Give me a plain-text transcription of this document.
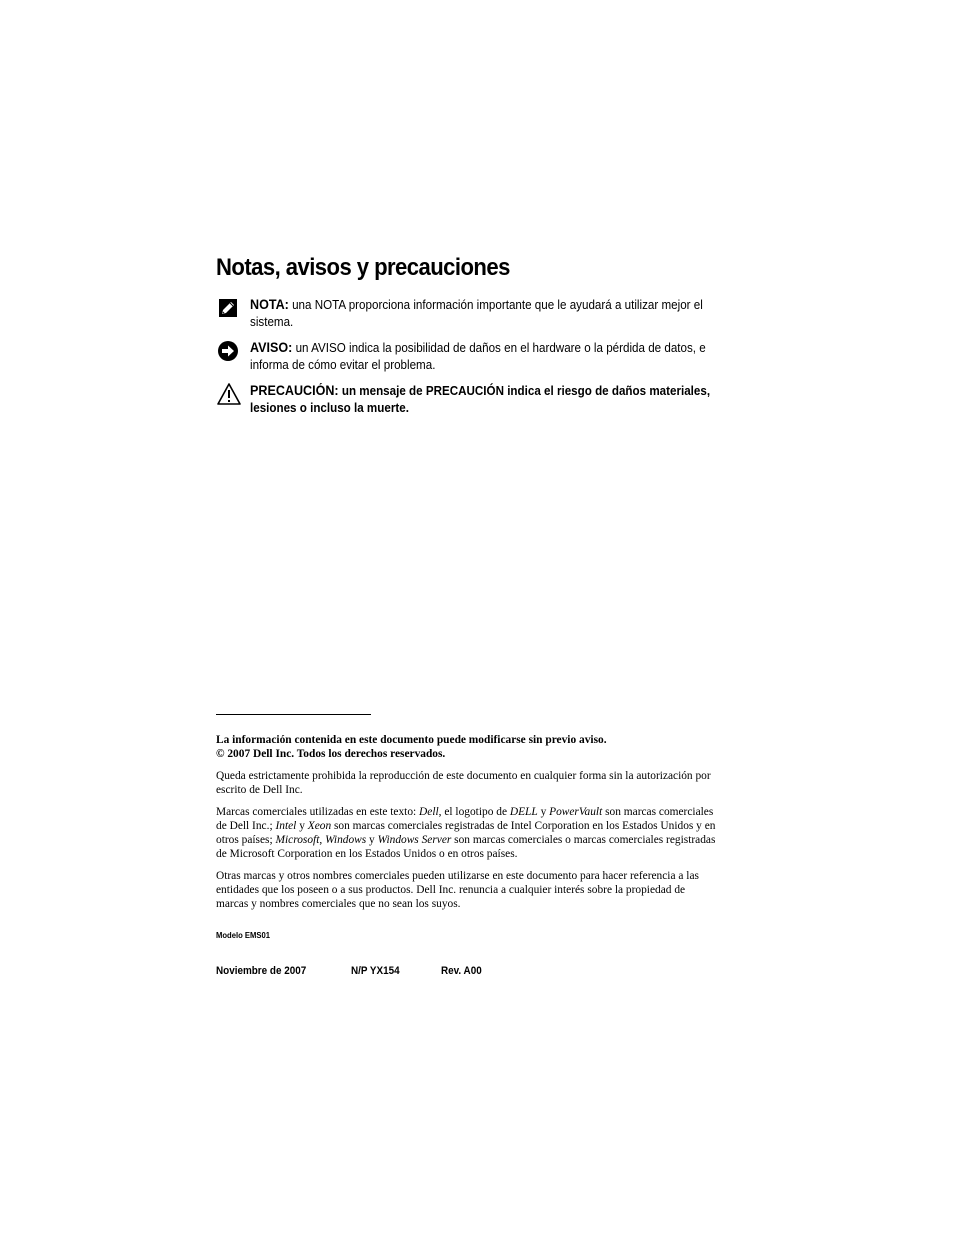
Notas, avisos y precauciones
NOTA: una NOTA proporciona información importante que le ayudará a utilizar mejor el sistema.
AVISO: un AVISO indica la posibilidad de daños en el hardware o la pérdida de datos, e informa de cómo evitar el problema.
PRECAUCIÓN: un mensaje de PRECAUCIÓN indica el riesgo de daños materiales, lesiones o incluso la muerte.

La información contenida en este documento puede modificarse sin previo aviso.

© 2007 Dell Inc. Todos los derechos reservados.

Queda estrictamente prohibida la reproducción de este documento en cualquier forma sin la autorización por escrito de Dell Inc.

Marcas comerciales utilizadas en este texto: Dell, el logotipo de DELL y PowerVault son marcas comerciales de Dell Inc.; Intel y Xeon son marcas comerciales registradas de Intel Corporation en los Estados Unidos y en otros países; Microsoft, Windows y Windows Server son marcas comerciales o marcas comerciales registradas de Microsoft Corporation en los Estados Unidos o en otros países.

Otras marcas y otros nombres comerciales pueden utilizarse en este documento para hacer referencia a las entidades que los poseen o a sus productos. Dell Inc. renuncia a cualquier interés sobre la propiedad de marcas y nombres comerciales que no sean los suyos.

Modelo EMS01
Noviembre de 2007	N/P YX154	Rev. A00
